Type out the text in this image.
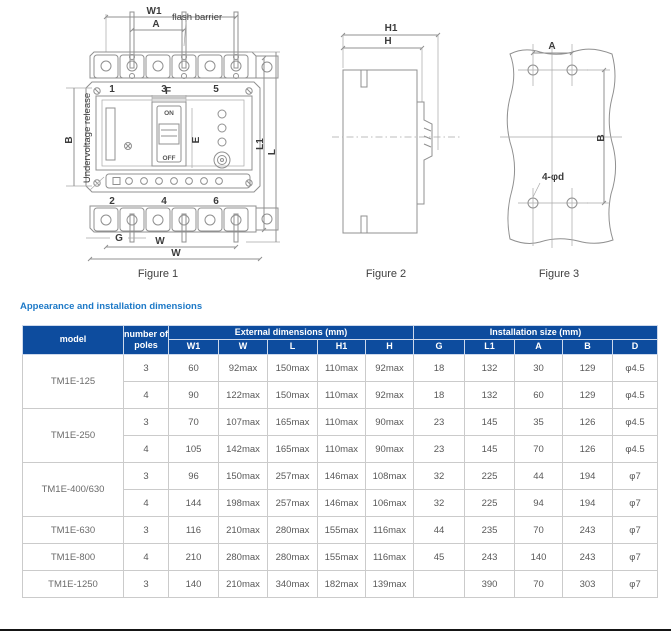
W1
A
flash barrier
1	3	5
F
ON
OFF
E
2	4	6
G	W
W
L1
L
B Undervoltage release
H1
H	A
B
4-φd
Figure 1	Figure 2	Figure 3
Appearance and installation dimensions
model	number of poles	External dimensions (mm)					Installation size (mm)				
		W1	W	L	H1	H	G	L1	A	B	D
TM1E-125	3	60	92max	150max	110max	92max	18	132	30	129	φ4.5
	4	90	122max	150max	110max	92max	18	132	60	129	φ4.5
TM1E-250	3	70	107max	165max	110max	90max	23	145	35	126	φ4.5
	4	105	142max	165max	110max	90max	23	145	70	126	φ4.5
TM1E-400/630	3	96	150max	257max	146max	108max	32	225	44	194	φ7
	4	144	198max	257max	146max	106max	32	225	94	194	φ7
TM1E-630	3	116	210max	280max	155max	116max	44	235	70	243	φ7
TM1E-800	4	210	280max	280max	155max	116max	45	243	140	243	φ7
TM1E-1250	3	140	210max	340max	182max	139max		390	70	303	φ7
